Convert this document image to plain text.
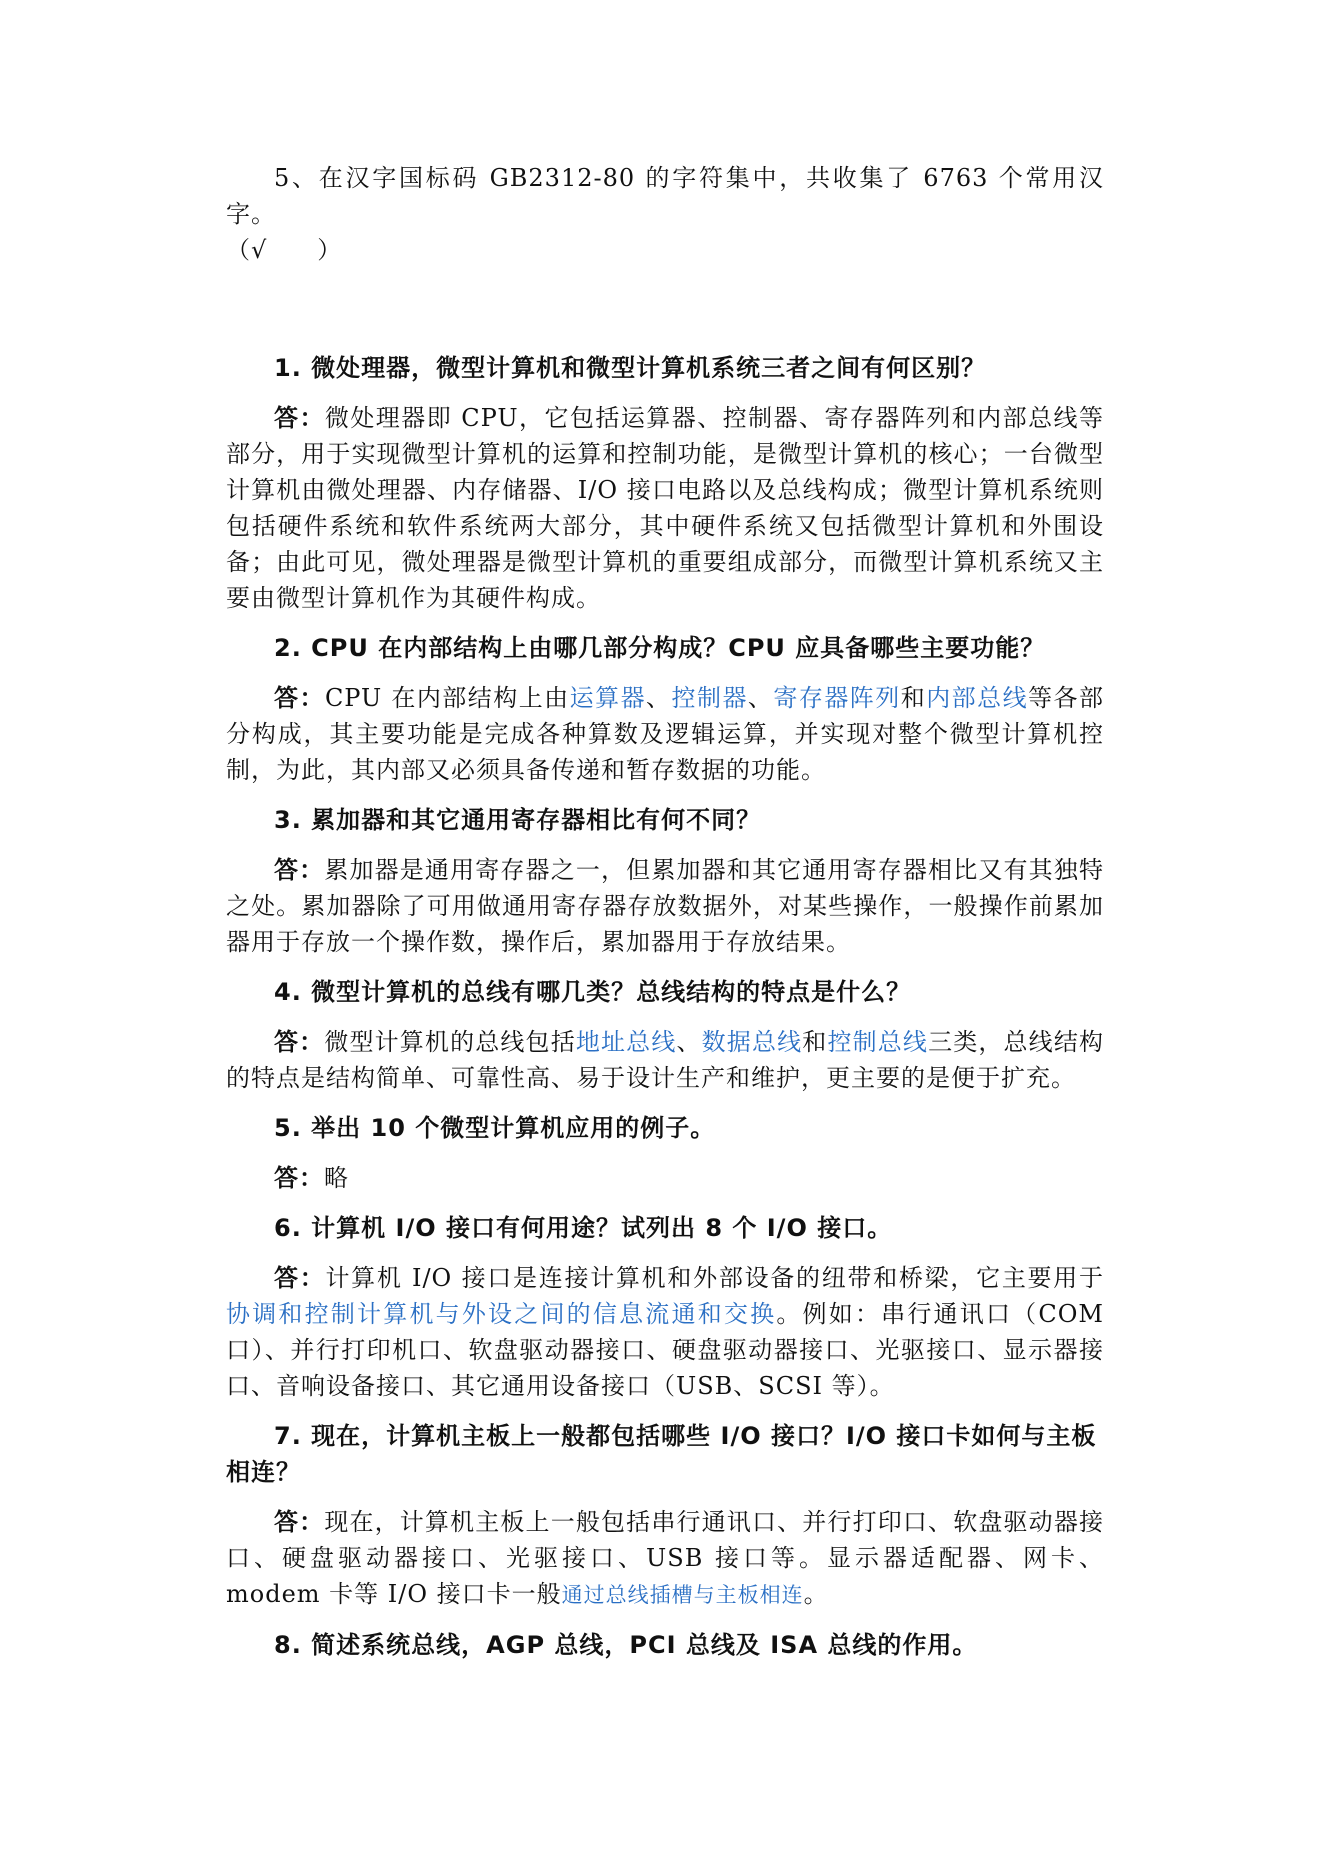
5、在汉字国标码 GB2312-80 的字符集中，共收集了 6763 个常用汉字。
（√　　）

1. 微处理器，微型计算机和微型计算机系统三者之间有何区别？

答：微处理器即 CPU，它包括运算器、控制器、寄存器阵列和内部总线等部分，用于实现微型计算机的运算和控制功能，是微型计算机的核心；一台微型计算机由微处理器、内存储器、I/O 接口电路以及总线构成；微型计算机系统则包括硬件系统和软件系统两大部分，其中硬件系统又包括微型计算机和外围设备；由此可见，微处理器是微型计算机的重要组成部分，而微型计算机系统又主要由微型计算机作为其硬件构成。

2. CPU 在内部结构上由哪几部分构成？CPU 应具备哪些主要功能？

答：CPU 在内部结构上由运算器、控制器、寄存器阵列和内部总线等各部分构成，其主要功能是完成各种算数及逻辑运算，并实现对整个微型计算机控制，为此，其内部又必须具备传递和暂存数据的功能。

3. 累加器和其它通用寄存器相比有何不同？

答：累加器是通用寄存器之一，但累加器和其它通用寄存器相比又有其独特之处。累加器除了可用做通用寄存器存放数据外，对某些操作，一般操作前累加器用于存放一个操作数，操作后，累加器用于存放结果。

4. 微型计算机的总线有哪几类？总线结构的特点是什么？

答：微型计算机的总线包括地址总线、数据总线和控制总线三类，总线结构的特点是结构简单、可靠性高、易于设计生产和维护，更主要的是便于扩充。

5. 举出 10 个微型计算机应用的例子。

答：略

6. 计算机 I/O 接口有何用途？试列出 8 个 I/O 接口。

答：计算机 I/O 接口是连接计算机和外部设备的纽带和桥梁，它主要用于协调和控制计算机与外设之间的信息流通和交换。例如：串行通讯口（COM 口）、并行打印机口、软盘驱动器接口、硬盘驱动器接口、光驱接口、显示器接口、音响设备接口、其它通用设备接口（USB、SCSI 等）。

7. 现在，计算机主板上一般都包括哪些 I/O 接口？I/O 接口卡如何与主板相连？

答：现在，计算机主板上一般包括串行通讯口、并行打印口、软盘驱动器接口、硬盘驱动器接口、光驱接口、USB 接口等。显示器适配器、网卡、modem 卡等 I/O 接口卡一般通过总线插槽与主板相连。

8. 简述系统总线，AGP 总线，PCI 总线及 ISA 总线的作用。
